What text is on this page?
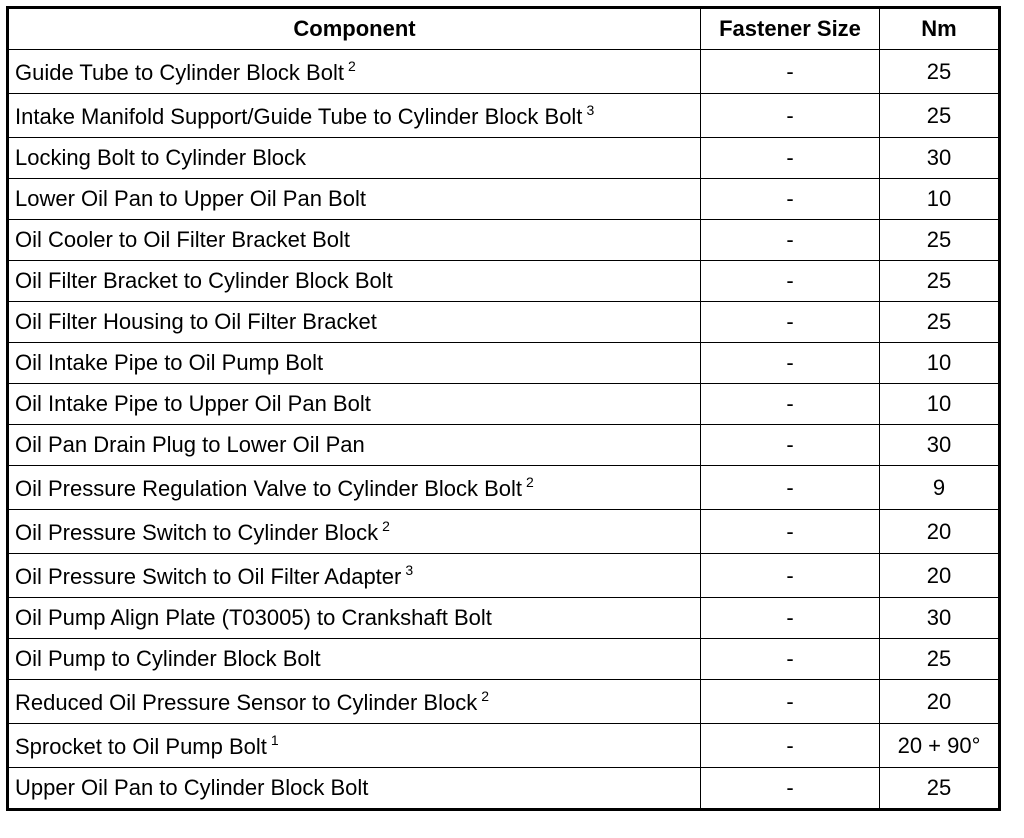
Component	Fastener Size	Nm
Guide Tube to Cylinder Block Bolt $^2$	-	25
Intake Manifold Support/Guide Tube to Cylinder Block Bolt $^3$	-	25
Locking Bolt to Cylinder Block	-	30
Lower Oil Pan to Upper Oil Pan Bolt	-	10
Oil Cooler to Oil Filter Bracket Bolt	-	25
Oil Filter Bracket to Cylinder Block Bolt	-	25
Oil Filter Housing to Oil Filter Bracket	-	25
Oil Intake Pipe to Oil Pump Bolt	-	10
Oil Intake Pipe to Upper Oil Pan Bolt	-	10
Oil Pan Drain Plug to Lower Oil Pan	-	30
Oil Pressure Regulation Valve to Cylinder Block Bolt $^2$	-	9
Oil Pressure Switch to Cylinder Block $^2$	-	20
Oil Pressure Switch to Oil Filter Adapter $^3$	-	20
Oil Pump Align Plate (T03005) to Crankshaft Bolt	-	30
Oil Pump to Cylinder Block Bolt	-	25
Reduced Oil Pressure Sensor to Cylinder Block $^2$	-	20
Sprocket to Oil Pump Bolt $^1$	-	20 + 90°
Upper Oil Pan to Cylinder Block Bolt	-	25
